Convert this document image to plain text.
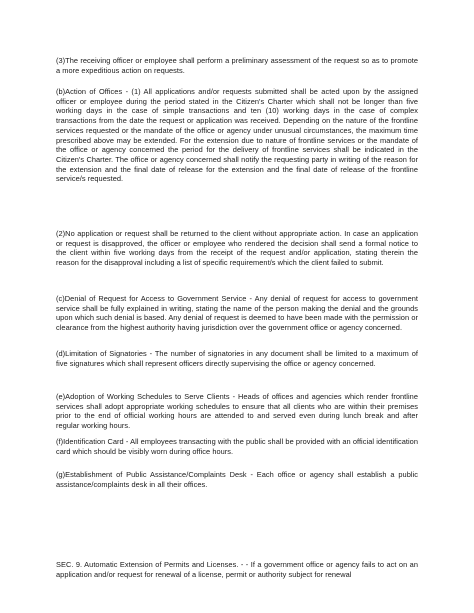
(3)The receiving officer or employee shall perform a preliminary assessment of the request so as to promote a more expeditious action on requests.

(b)Action of Offices - (1) All applications and/or requests submitted shall be acted upon by the assigned officer or employee during the period stated in the Citizen's Charter which shall not be longer than five working days in the case of simple transactions and ten (10) working days in the case of complex transactions from the date the request or application was received. Depending on the nature of the frontline services requested or the mandate of the office or agency under unusual circumstances, the maximum time prescribed above may be extended. For the extension due to nature of frontline services or the mandate of the office or agency concerned the period for the delivery of frontline services shall be indicated in the Citizen's Charter. The office or agency concerned shall notify the requesting party in writing of the reason for the extension and the final date of release for the extension and the final date of release of the frontline service/s requested.

(2)No application or request shall be returned to the client without appropriate action. In case an application or request is disapproved, the officer or employee who rendered the decision shall send a formal notice to the client within five working days from the receipt of the request and/or application, stating therein the reason for the disapproval including a list of specific requirement/s which the client failed to submit.

(c)Denial of Request for Access to Government Service - Any denial of request for access to government service shall be fully explained in writing, stating the name of the person making the denial and the grounds upon which such denial is based. Any denial of request is deemed to have been made with the permission or clearance from the highest authority having jurisdiction over the government office or agency concerned.

(d)Limitation of Signatories - The number of signatories in any document shall be limited to a maximum of five signatures which shall represent officers directly supervising the office or agency concerned.

(e)Adoption of Working Schedules to Serve Clients - Heads of offices and agencies which render frontline services shall adopt appropriate working schedules to ensure that all clients who are within their premises prior to the end of official working hours are attended to and served even during lunch break and after regular working hours.

(f)Identification Card - All employees transacting with the public shall be provided with an official identification card which should be visibly worn during office hours.

(g)Establishment of Public Assistance/Complaints Desk - Each office or agency shall establish a public assistance/complaints desk in all their offices.

SEC. 9. Automatic Extension of Permits and Licenses. - - If a government office or agency fails to act on an application and/or request for renewal of a license, permit or authority subject for renewal
